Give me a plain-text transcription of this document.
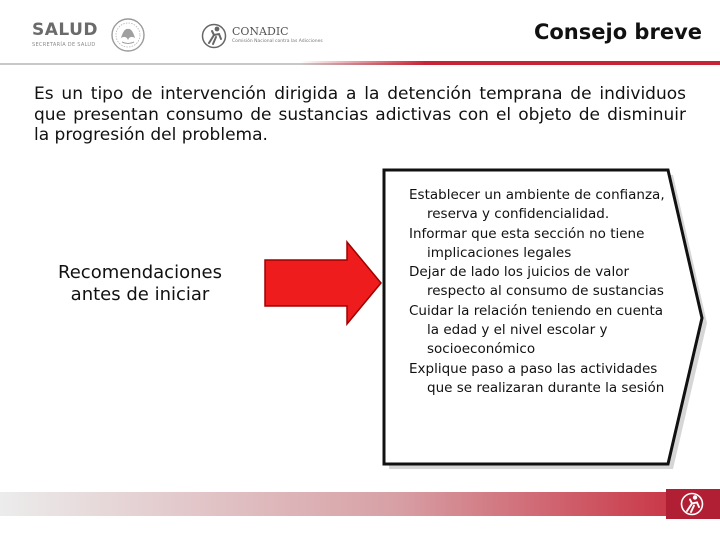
SALUD
SECRETARÍA DE SALUD
CONADIC
Comisión Nacional contra las Adicciones	Consejo breve
Es un tipo de intervención dirigida a la detención temprana de individuos que presentan consumo de sustancias adictivas con el objeto de disminuir la progresión del problema.
Recomendaciones antes de iniciar
Establecer un ambiente de confianza, reserva y confidencialidad.
Informar que esta sección no tiene implicaciones legales
Dejar de lado los juicios de valor respecto al consumo de sustancias
Cuidar la relación teniendo en cuenta la edad y el nivel escolar y socioeconómico
Explique paso a paso las actividades que se realizaran durante la sesión
